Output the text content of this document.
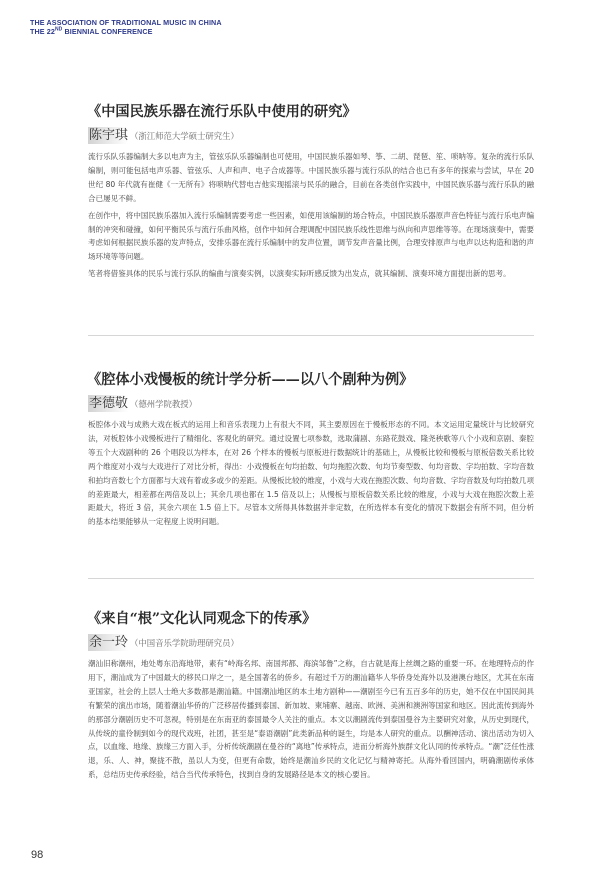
THE ASSOCIATION OF TRADITIONAL MUSIC IN CHINA
THE 22ND BIENNIAL CONFERENCE
《中国民族乐器在流行乐队中使用的研究》
陈宇琪 （浙江师范大学硕士研究生）

流行乐队乐器编制大多以电声为主，管弦乐队乐器编制也可使用，中国民族乐器如琴、筝、二胡、琵琶、笙、唢呐等。复杂的流行乐队编制，则可能包括电声乐器、管弦乐、人声和声、电子合成器等。中国民族乐器与流行乐队的结合也已有多年的探索与尝试，早在 20 世纪 80 年代就有崔健《一无所有》将唢呐代替电吉他实现摇滚与民乐的融合，目前在各类创作实践中，中国民族乐器与流行乐队的融合已屡见不鲜。

在创作中，将中国民族乐器加入流行乐编制需要考虑一些因素，如使用该编制的场合特点，中国民族乐器原声音色特征与流行乐电声编制的冲突和碰撞，如何平衡民乐与流行乐曲风格，创作中如何合理调配中国民族乐线性思维与纵向和声思维等等。在现场演奏中，需要考虑如何根据民族乐器的发声特点，安排乐器在流行乐编制中的发声位置，调节发声音量比例，合理安排原声与电声以达构造和谐的声场环境等等问题。

笔者将借鉴具体的民乐与流行乐队的编曲与演奏实例，以演奏实际听感反馈为出发点，就其编制、演奏环境方面提出新的思考。

《腔体小戏慢板的统计学分析——以八个剧种为例》
李德敬 （德州学院教授）

板腔体小戏与成熟大戏在板式的运用上和音乐表现力上有很大不同，其主要原因在于慢板形态的不同。本文运用定量统计与比较研究法，对板腔体小戏慢板进行了精细化、客观化的研究。通过设置七项参数，选取蒲剧、东路花鼓戏、隆尧秧歌等八个小戏和京剧、秦腔等五个大戏剧种的 26 个唱段以为样本，在对 26 个样本的慢板与原板进行数据统计的基础上，从慢板比较和慢板与原板倍数关系比较两个维度对小戏与大戏进行了对比分析，得出：小戏慢板在句均拍数、句均拖腔次数、句均节奏型数、句均音数、字均拍数、字均音数和拍均音数七个方面都与大戏有着或多或少的差距。从慢板比较的维度，小戏与大戏在拖腔次数、句均音数、字均音数及句均拍数几项的差距最大，相差都在两倍及以上；其余几项也都在 1.5 倍及以上；从慢板与原板倍数关系比较的维度，小戏与大戏在拖腔次数上差距最大，将近 3 倍，其余六项在 1.5 倍上下。尽管本文所得具体数据并非定数，在所选样本有变化的情况下数据会有所不同，但分析的基本结果能够从一定程度上说明问题。

《来自“根”文化认同观念下的传承》
余一玲 （中国音乐学院助理研究员）

潮汕旧称潮州，地处粤东沿海地带，素有“岭海名邦、南国邦都、海滨邹鲁”之称，自古就是海上丝绸之路的重要一环。在地理特点的作用下，潮汕成为了中国最大的移民口岸之一，是全国著名的侨乡。有超过千万的潮汕籍华人华侨身处海外以及港澳台地区，尤其在东南亚国家，社会的上层人士绝大多数都是潮汕籍。中国潮汕地区的本土地方剧种——潮剧至今已有五百多年的历史，她不仅在中国民间具有繁荣的演出市场，随着潮汕华侨的广泛移居传播到泰国、新加坡、柬埔寨、越南、欧洲、美洲和澳洲等国家和地区。因此流传到海外的那部分潮剧历史不可忽视，特别是在东南亚的泰国最令人关注的重点。本文以潮剧流传到泰国曼谷为主要研究对象，从历史到现代，从传统的童伶制到如今的现代戏班，社团，甚至是“泰语潮剧”此类新品种的诞生，均是本人研究的重点。以酬神活动、演出活动为切入点，以血缘、地缘、族缘三方面入手，分析传统潮剧在曼谷的“离地”传承特点，进而分析海外族群文化认同的传承特点。“潮”泛任性涨退，乐、人、神，聚拢不散，虽以人为变，但更有命数，始终是潮汕乡民的文化记忆与精神寄托。从海外看回国内，明确潮剧传承体系，总结历史传承经验，结合当代传承特色，找到自身的发展路径是本文的核心要旨。

98
